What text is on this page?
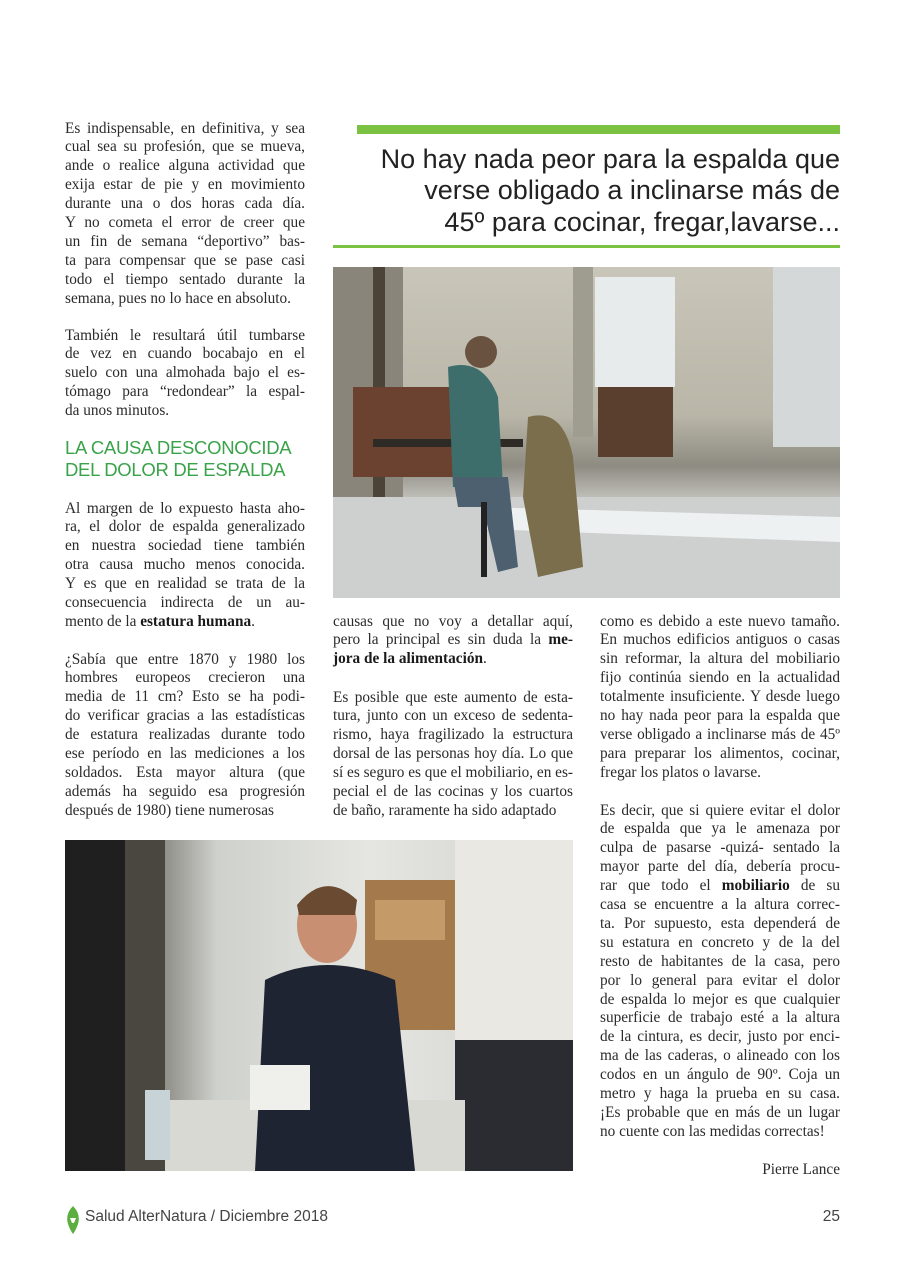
No hay nada peor para la espalda que
verse obligado a inclinarse más de
45º para cocinar, fregar,lavarse...
LA CAUSA DESCONOCIDA
DEL DOLOR DE ESPALDA
Es indispensable, en definitiva, y sea
cual sea su profesión, que se mueva,
ande o realice alguna actividad que
exija estar de pie y en movimiento
durante una o dos horas cada día.
Y no cometa el error de creer que
un fin de semana “deportivo” bas-
ta para compensar que se pase casi
todo el tiempo sentado durante la
semana, pues no lo hace en absoluto.
También le resultará útil tumbarse
de vez en cuando bocabajo en el
suelo con una almohada bajo el es-
tómago para “redondear” la espal-
da unos minutos.
Al margen de lo expuesto hasta aho-
ra, el dolor de espalda generalizado
en nuestra sociedad tiene también
otra causa mucho menos conocida.
Y es que en realidad se trata de la
consecuencia indirecta de un au-
mento de la estatura humana.
¿Sabía que entre 1870 y 1980 los
hombres europeos crecieron una
media de 11 cm? Esto se ha podi-
do verificar gracias a las estadísticas
de estatura realizadas durante todo
ese período en las mediciones a los
soldados. Esta mayor altura (que
además ha seguido esa progresión
después de 1980) tiene numerosas
causas que no voy a detallar aquí,
pero la principal es sin duda la me-
jora de la alimentación.
Es posible que este aumento de esta-
tura, junto con un exceso de sedenta-
rismo, haya fragilizado la estructura
dorsal de las personas hoy día. Lo que
sí es seguro es que el mobiliario, en es-
pecial el de las cocinas y los cuartos
de baño, raramente ha sido adaptado
como es debido a este nuevo tamaño.
En muchos edificios antiguos o casas
sin reformar, la altura del mobiliario
fijo continúa siendo en la actualidad
totalmente insuficiente. Y desde luego
no hay nada peor para la espalda que
verse obligado a inclinarse más de 45º
para preparar los alimentos, cocinar,
fregar los platos o lavarse.
Es decir, que si quiere evitar el dolor
de espalda que ya le amenaza por
culpa de pasarse -quizá- sentado la
mayor parte del día, debería procu-
rar que todo el mobiliario de su
casa se encuentre a la altura correc-
ta. Por supuesto, esta dependerá de
su estatura en concreto y de la del
resto de habitantes de la casa, pero
por lo general para evitar el dolor
de espalda lo mejor es que cualquier
superficie de trabajo esté a la altura
de la cintura, es decir, justo por enci-
ma de las caderas, o alineado con los
codos en un ángulo de 90º. Coja un
metro y haga la prueba en su casa.
¡Es probable que en más de un lugar
no cuente con las medidas correctas!
Pierre Lance
Salud AlterNatura / Diciembre 2018	25
